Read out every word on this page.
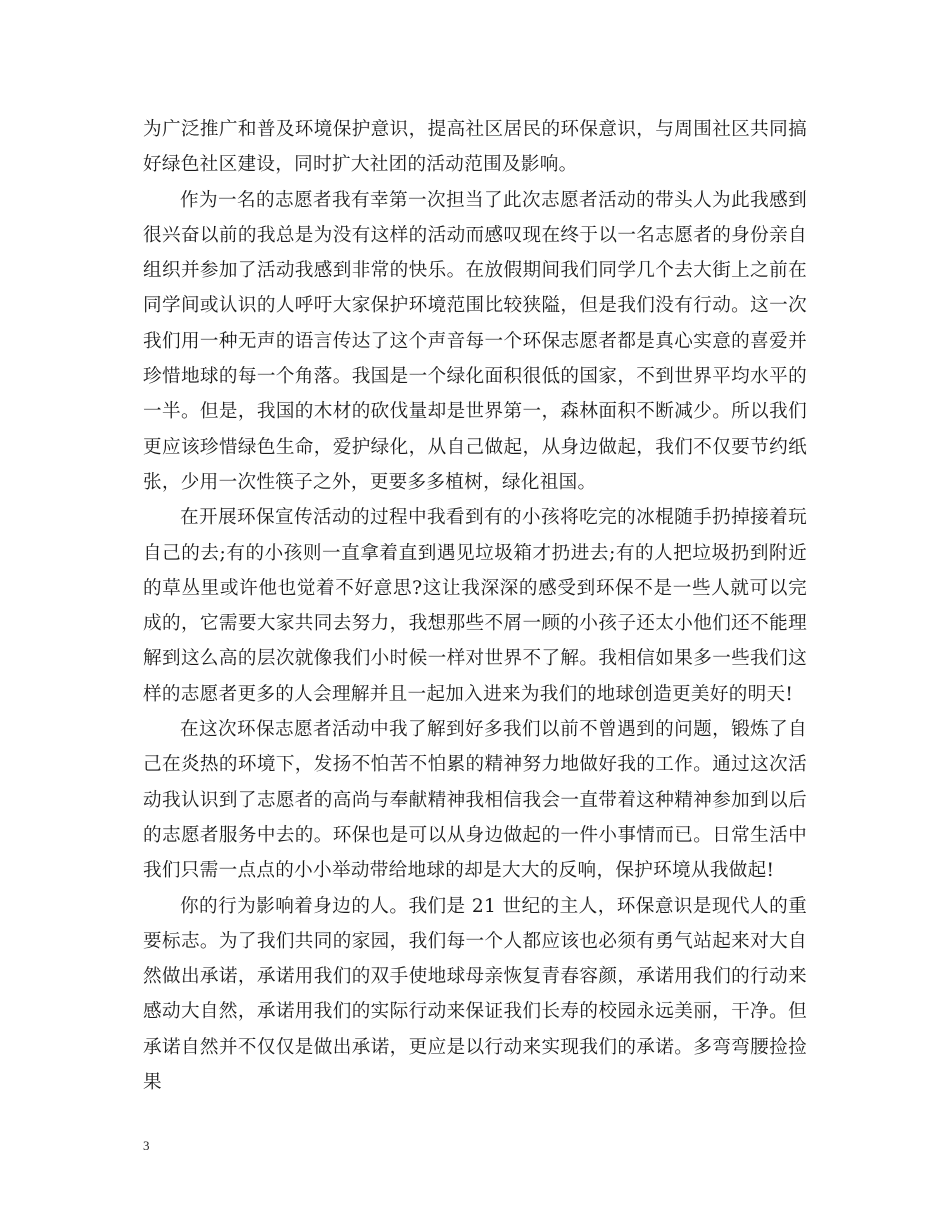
为广泛推广和普及环境保护意识，提高社区居民的环保意识，与周围社区共同搞好绿色社区建设，同时扩大社团的活动范围及影响。

作为一名的志愿者我有幸第一次担当了此次志愿者活动的带头人为此我感到很兴奋以前的我总是为没有这样的活动而感叹现在终于以一名志愿者的身份亲自组织并参加了活动我感到非常的快乐。在放假期间我们同学几个去大街上之前在同学间或认识的人呼吁大家保护环境范围比较狭隘，但是我们没有行动。这一次我们用一种无声的语言传达了这个声音每一个环保志愿者都是真心实意的喜爱并珍惜地球的每一个角落。我国是一个绿化面积很低的国家，不到世界平均水平的一半。但是，我国的木材的砍伐量却是世界第一，森林面积不断减少。所以我们更应该珍惜绿色生命，爱护绿化，从自己做起，从身边做起，我们不仅要节约纸张，少用一次性筷子之外，更要多多植树，绿化祖国。

在开展环保宣传活动的过程中我看到有的小孩将吃完的冰棍随手扔掉接着玩自己的去;有的小孩则一直拿着直到遇见垃圾箱才扔进去;有的人把垃圾扔到附近的草丛里或许他也觉着不好意思?这让我深深的感受到环保不是一些人就可以完成的，它需要大家共同去努力，我想那些不屑一顾的小孩子还太小他们还不能理解到这么高的层次就像我们小时候一样对世界不了解。我相信如果多一些我们这样的志愿者更多的人会理解并且一起加入进来为我们的地球创造更美好的明天!

在这次环保志愿者活动中我了解到好多我们以前不曾遇到的问题，锻炼了自己在炎热的环境下，发扬不怕苦不怕累的精神努力地做好我的工作。通过这次活动我认识到了志愿者的高尚与奉献精神我相信我会一直带着这种精神参加到以后的志愿者服务中去的。环保也是可以从身边做起的一件小事情而已。日常生活中我们只需一点点的小小举动带给地球的却是大大的反响，保护环境从我做起!

你的行为影响着身边的人。我们是 21 世纪的主人，环保意识是现代人的重要标志。为了我们共同的家园，我们每一个人都应该也必须有勇气站起来对大自然做出承诺，承诺用我们的双手使地球母亲恢复青春容颜，承诺用我们的行动来感动大自然，承诺用我们的实际行动来保证我们长寿的校园永远美丽，干净。但承诺自然并不仅仅是做出承诺，更应是以行动来实现我们的承诺。多弯弯腰捡捡果

3
